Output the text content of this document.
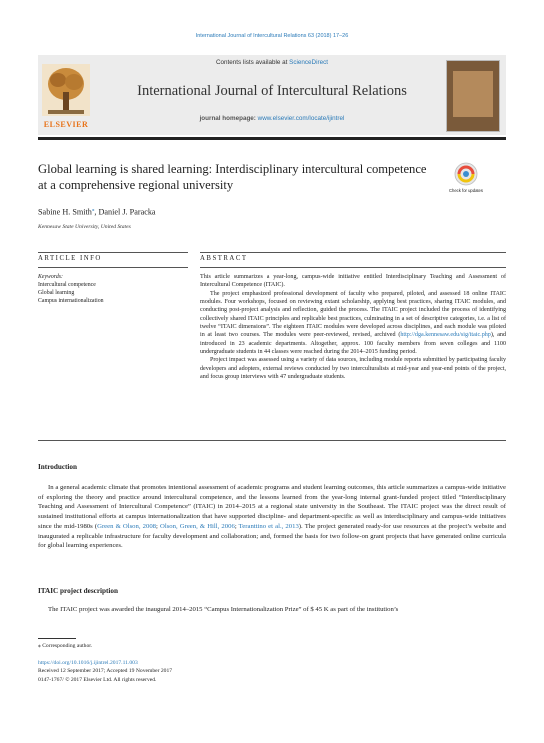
International Journal of Intercultural Relations 63 (2018) 17–26
ELSEVIER
Contents lists available at ScienceDirect
International Journal of Intercultural Relations
journal homepage: www.elsevier.com/locate/ijintrel
Global learning is shared learning: Interdisciplinary intercultural competence at a comprehensive regional university	Check for updates
Sabine H. Smith⁎, Daniel J. Paracka
Kennesaw State University, United States
ARTICLE INFO
Keywords:
Intercultural competence
Global learning
Campus internationalization
ABSTRACT

This article summarizes a year-long, campus-wide initiative entitled Interdisciplinary Teaching and Assessment of Intercultural Competence (ITAIC).

The project emphasized professional development of faculty who prepared, piloted, and assessed 18 online ITAIC modules. Four workshops, focused on reviewing extant scholarship, applying best practices, sharing ITAIC modules, and conducting post-project analysis and reflection, guided the process. The ITAIC project included the process of identifying collectively shared ITAIC principles and replicable best practices, culminating in a set of descriptive categories, i.e. a list of twelve “ITAIC dimensions”. The eighteen ITAIC modules were developed across disciplines, and each module was piloted in at least two courses. The modules were peer-reviewed, revised, archived (http://dga.kennesaw.edu/sig/itaic.php), and introduced in 23 academic departments. Altogether, approx. 100 faculty members from seven colleges and 1100 undergraduate students in 44 classes were reached during the 2014–2015 funding period.

Project impact was assessed using a variety of data sources, including module reports submitted by participating faculty developers and adopters, external reviews conducted by two interculturalists at mid-year and year-end points of the project, and focus group interviews with 47 undergraduate students.

Introduction

In a general academic climate that promotes intentional assessment of academic programs and student learning outcomes, this article summarizes a campus-wide initiative of exploring the theory and practice around intercultural competence, and the lessons learned from the year-long internal grant-funded project titled “Interdisciplinary Teaching and Assessment of Intercultural Competence” (ITAIC) in 2014–2015 at a regional state university in the Southeast. The ITAIC project was the direct result of sustained institutional efforts at campus internationalization that have supported discipline- and department-specific as well as interdisciplinary and campus-wide initiatives since the mid-1980s (Green & Olson, 2008; Olson, Green, & Hill, 2006; Teranttino et al., 2013). The project generated ready-for use resources at the project’s website and inaugurated a replicable infrastructure for faculty development and collaboration; and, formed the basis for two follow-on grant projects that have generated online curricula for global learning experiences.

ITAIC project description

The ITAIC project was awarded the inaugural 2014–2015 “Campus Internationalization Prize” of $ 45 K as part of the institution’s

⁎ Corresponding author.
https://doi.org/10.1016/j.ijintrel.2017.11.003
Received 12 September 2017; Accepted 19 November 2017
0147-1767/ © 2017 Elsevier Ltd. All rights reserved.
